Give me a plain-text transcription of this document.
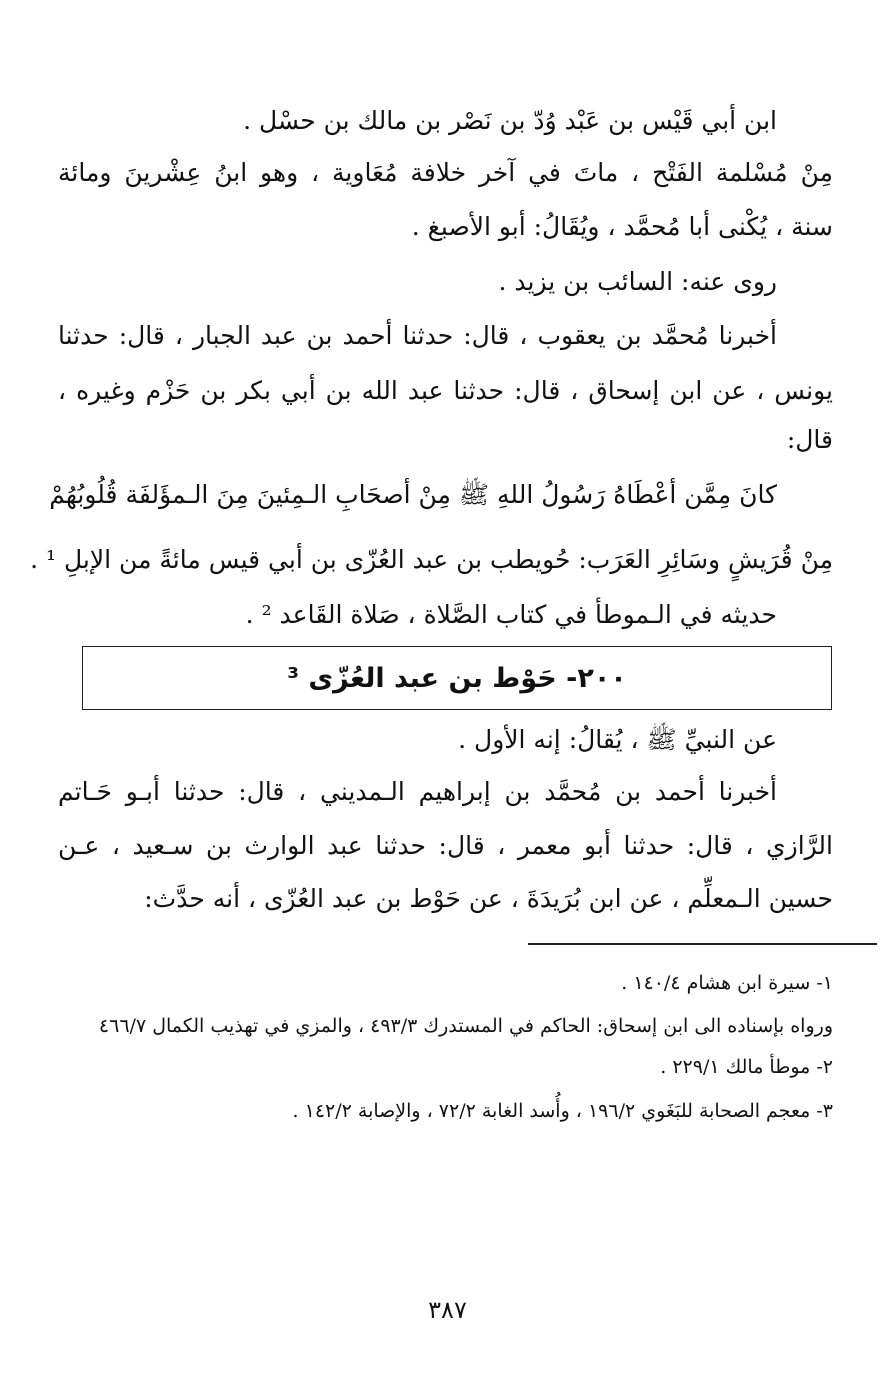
ابن أبي قَيْس بن عَبْد وُدّ بن نَصْر بن مالك بن حسْل .

مِنْ مُسْلمة الفَتْح ، ماتَ في آخر خلافة مُعَاوية ، وهو ابنُ عِشْرينَ ومائة

سنة ، يُكْنى أبا مُحمَّد ، ويُقَالُ: أبو الأصبغ .

روى عنه: السائب بن يزيد .

أخبرنا مُحمَّد بن يعقوب ، قال: حدثنا أحمد بن عبد الجبار ، قال: حدثنا

يونس ، عن ابن إسحاق ، قال: حدثنا عبد الله بن أبي بكر بن حَزْم وغيره ،

قال:

كانَ مِمَّن أعْطَاهُ رَسُولُ اللهِ ﷺ مِنْ أصحَابِ الـمِئينَ مِنَ الـمؤَلفَة قُلُوبُهُمْ

مِنْ قُرَيشٍ وسَائِرِ العَرَب: حُويطب بن عبد العُزّى بن أبي قيس مائةً من الإبلِ ¹ .

حديثه في الـموطأ في كتاب الصَّلاة ، صَلاة القَاعد ² .

٢٠٠- حَوْط بن عبد العُزّى ³

عن النبيِّ ﷺ ، يُقالُ: إنه الأول .

أخبرنا أحمد بن مُحمَّد بن إبراهيم الـمديني ، قال: حدثنا أبـو حَـاتم

الرَّازي ، قال: حدثنا أبو معمر ، قال: حدثنا عبد الوارث بن سـعيد ، عـن

حسين الـمعلِّم ، عن ابن بُرَيدَةَ ، عن حَوْط بن عبد العُزّى ، أنه حدَّث:

١- سيرة ابن هشام ١٤٠/٤ .

ورواه بإسناده الى ابن إسحاق: الحاكم في المستدرك ٤٩٣/٣ ، والمزي في تهذيب الكمال ٤٦٦/٧

٢- موطأ مالك ٢٢٩/١ .

٣- معجم الصحابة للبَغَوي ١٩٦/٢ ، وأُسد الغابة ٧٢/٢ ، والإصابة ١٤٢/٢ .

٣٨٧
